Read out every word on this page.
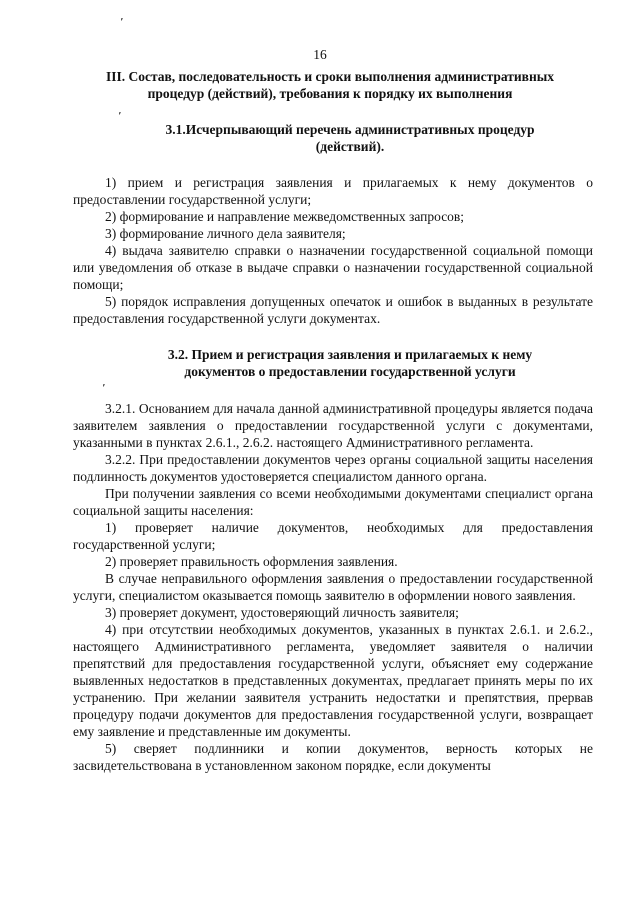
ʼ
ʼ
ʼ
16
III. Состав, последовательность и сроки выполнения административных
процедур (действий), требования к порядку их выполнения
3.1.Исчерпывающий перечень административных процедур
(действий).

1) прием и регистрация заявления и прилагаемых к нему документов о предоставлении государственной услуги;

2) формирование и направление межведомственных запросов;

3) формирование личного дела заявителя;

4) выдача заявителю справки о назначении государственной социальной помощи или уведомления об отказе в выдаче справки о назначении государственной социальной помощи;

5) порядок исправления допущенных опечаток и ошибок в выданных в результате предоставления государственной услуги документах.

3.2. Прием и регистрация заявления и прилагаемых к нему
документов о предоставлении государственной услуги

3.2.1. Основанием для начала данной административной процедуры является подача заявителем заявления о предоставлении государственной услуги с документами, указанными в пунктах 2.6.1., 2.6.2. настоящего Административного регламента.

3.2.2. При предоставлении документов через органы социальной защиты населения подлинность документов удостоверяется специалистом данного органа.

При получении заявления со всеми необходимыми документами специалист органа социальной защиты населения:

1) проверяет наличие документов, необходимых для предоставления государственной услуги;

2) проверяет правильность оформления заявления.

В случае неправильного оформления заявления о предоставлении государственной услуги, специалистом оказывается помощь заявителю в оформлении нового заявления.

3) проверяет документ, удостоверяющий личность заявителя;

4) при отсутствии необходимых документов, указанных в пунктах 2.6.1. и 2.6.2., настоящего Административного регламента, уведомляет заявителя о наличии препятствий для предоставления государственной услуги, объясняет ему содержание выявленных недостатков в представленных документах, предлагает принять меры по их устранению. При желании заявителя устранить недостатки и препятствия, прервав процедуру подачи документов для предоставления государственной услуги, возвращает ему заявление и представленные им документы.

5) сверяет подлинники и копии документов, верность которых не засвидетельствована в установленном законом порядке, если документы
